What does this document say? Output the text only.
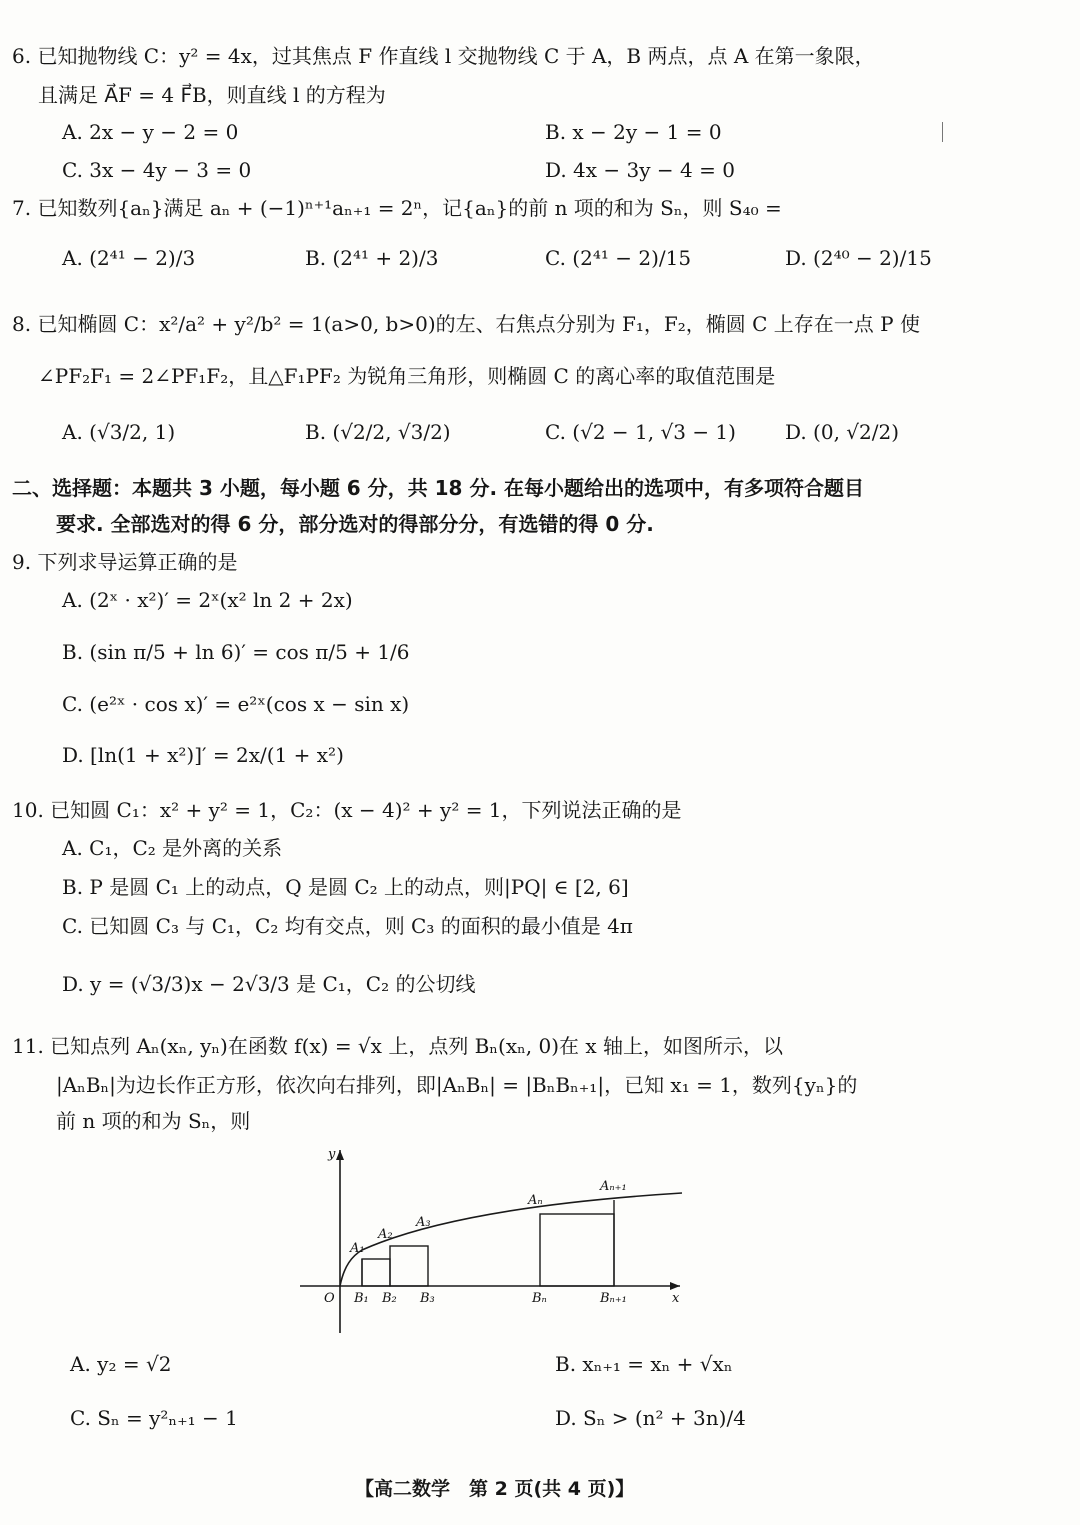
6. 已知抛物线 C：y² = 4x，过其焦点 F 作直线 l 交抛物线 C 于 A，B 两点，点 A 在第一象限，
且满足 A⃗F = 4 F⃗B，则直线 l 的方程为
A. 2x − y − 2 = 0	B. x − 2y − 1 = 0
C. 3x − 4y − 3 = 0	D. 4x − 3y − 4 = 0
7. 已知数列{aₙ}满足 aₙ + (−1)ⁿ⁺¹aₙ₊₁ = 2ⁿ，记{aₙ}的前 n 项的和为 Sₙ，则 S₄₀ =
A. (2⁴¹ − 2)/3	B. (2⁴¹ + 2)/3	C. (2⁴¹ − 2)/15	D. (2⁴⁰ − 2)/15
8. 已知椭圆 C：x²/a² + y²/b² = 1(a>0, b>0)的左、右焦点分别为 F₁，F₂，椭圆 C 上存在一点 P 使
∠PF₂F₁ = 2∠PF₁F₂，且△F₁PF₂ 为锐角三角形，则椭圆 C 的离心率的取值范围是
A. (√3/2, 1)	B. (√2/2, √3/2)	C. (√2 − 1, √3 − 1) D. (0, √2/2)
二、选择题：本题共 3 小题，每小题 6 分，共 18 分. 在每小题给出的选项中，有多项符合题目
要求. 全部选对的得 6 分，部分选对的得部分分，有选错的得 0 分.
9. 下列求导运算正确的是
A. (2ˣ · x²)′ = 2ˣ(x² ln 2 + 2x)
B. (sin π/5 + ln 6)′ = cos π/5 + 1/6
C. (e²ˣ · cos x)′ = e²ˣ(cos x − sin x)
D. [ln(1 + x²)]′ = 2x/(1 + x²)
10. 已知圆 C₁：x² + y² = 1，C₂：(x − 4)² + y² = 1，下列说法正确的是
A. C₁，C₂ 是外离的关系
B. P 是圆 C₁ 上的动点，Q 是圆 C₂ 上的动点，则|PQ| ∈ [2, 6]
C. 已知圆 C₃ 与 C₁，C₂ 均有交点，则 C₃ 的面积的最小值是 4π
D. y = (√3/3)x − 2√3/3 是 C₁，C₂ 的公切线
11. 已知点列 Aₙ(xₙ, yₙ)在函数 f(x) = √x 上，点列 Bₙ(xₙ, 0)在 x 轴上，如图所示，以
|AₙBₙ|为边长作正方形，依次向右排列，即|AₙBₙ| = |BₙBₙ₊₁|，已知 x₁ = 1，数列{yₙ}的
前 n 项的和为 Sₙ，则
y
x
O
A₁
A₂
A₃
Aₙ
Aₙ₊₁
B₁ B₂ B₃	Bₙ	Bₙ₊₁
A. y₂ = √2	B. xₙ₊₁ = xₙ + √xₙ
C. Sₙ = y²ₙ₊₁ − 1	D. Sₙ > (n² + 3n)/4
【高二数学　第 2 页(共 4 页)】
